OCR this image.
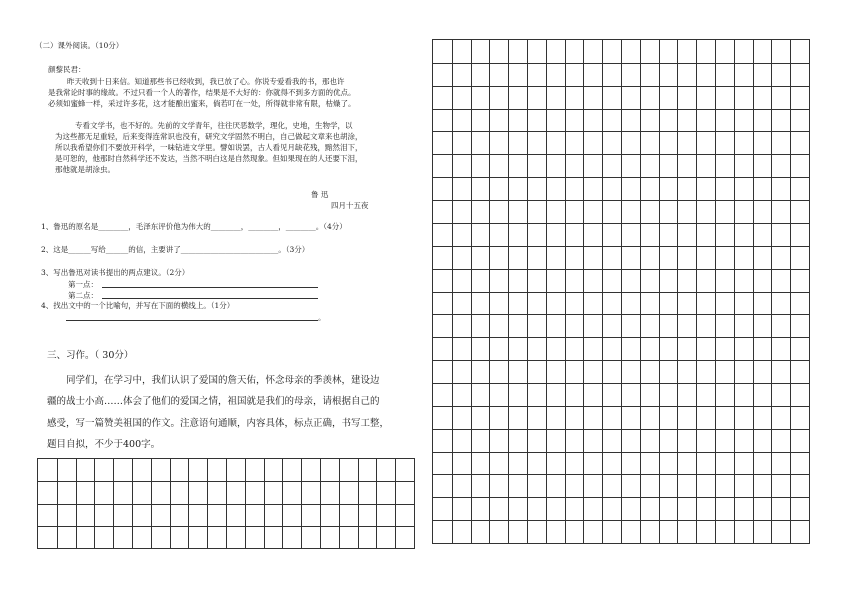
（二）课外阅读。（10分）
颜黎民君：
昨天收到十日来信。知道那些书已经收到，我已放了心。你说专爱看我的书，那也许
是我常论时事的缘故。不过只看一个人的著作，结果是不大好的：你就得不到多方面的优点。
必须如蜜蜂一样，采过许多花，这才能酿出蜜来，倘若叮在一处，所得就非常有限，枯燥了。
专看文学书，也不好的。先前的文学青年，往往厌恶数学，理化，史地，生物学，以
为这些都无足重轻，后来变得连常识也没有，研究文学固然不明白，自己做起文章来也胡涂，
所以我希望你们不要放开科学，一味钻进文学里。譬如说罢，古人看见月缺花残，黯然泪下，
是可恕的，他那时自然科学还不发达，当然不明白这是自然现象。但如果现在的人还要下泪，
那他就是胡涂虫。
鲁 迅
四月十五夜
1、鲁迅的原名是________，毛泽东评价他为伟大的________，________，________。（4分）
2、这是______写给______的信，主要讲了__________________________。（3分）
3、写出鲁迅对读书提出的两点建议。（2分）
第一点：
第二点：
4、找出文中的一个比喻句，并写在下面的横线上。（1分）
。
三、习作。（ 30分）
同学们，在学习中，我们认识了爱国的詹天佑，怀念母亲的季羡林，建设边
疆的战士小高……体会了他们的爱国之情，祖国就是我们的母亲，请根据自己的
感受，写一篇赞美祖国的作文。注意语句通顺，内容具体，标点正确，书写工整，
题目自拟，不少于400字。
